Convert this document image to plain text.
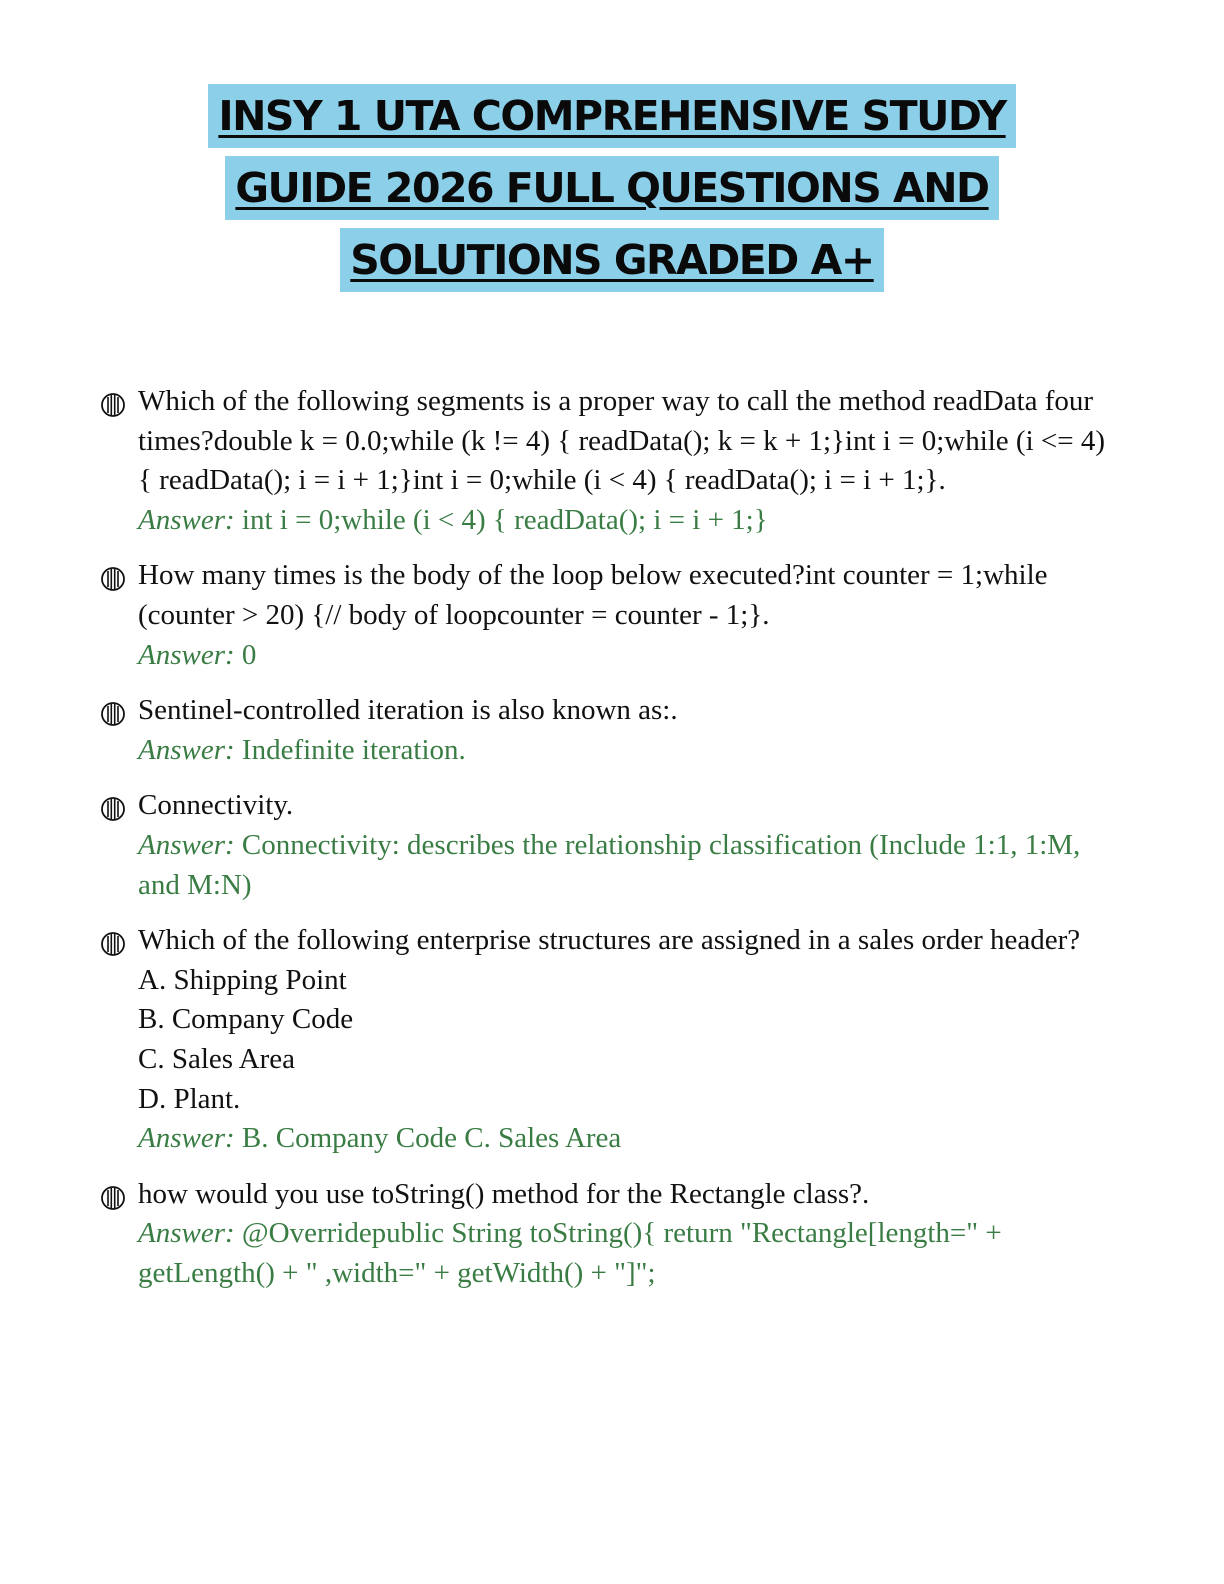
INSY 1 UTA COMPREHENSIVE STUDY
GUIDE 2026 FULL QUESTIONS AND
SOLUTIONS GRADED A+

Which of the following segments is a proper way to call the method readData four times?double k = 0.0;while (k != 4) { readData(); k = k + 1;}int i = 0;while (i <= 4) { readData(); i = i + 1;}int i = 0;while (i < 4) { readData(); i = i + 1;}.

Answer: int i = 0;while (i < 4) { readData(); i = i + 1;}

How many times is the body of the loop below executed?int counter = 1;while (counter > 20) {// body of loopcounter = counter - 1;}.

Answer: 0

Sentinel-controlled iteration is also known as:.

Answer: Indefinite iteration.

Connectivity.

Answer: Connectivity: describes the relationship classification (Include 1:1, 1:M, and M:N)

Which of the following enterprise structures are assigned in a sales order header?

A. Shipping Point

B. Company Code

C. Sales Area

D. Plant.

Answer: B. Company Code C. Sales Area

how would you use toString() method for the Rectangle class?.

Answer: @Overridepublic String toString(){ return "Rectangle[length=" + getLength() + " ,width=" + getWidth() + "]";
